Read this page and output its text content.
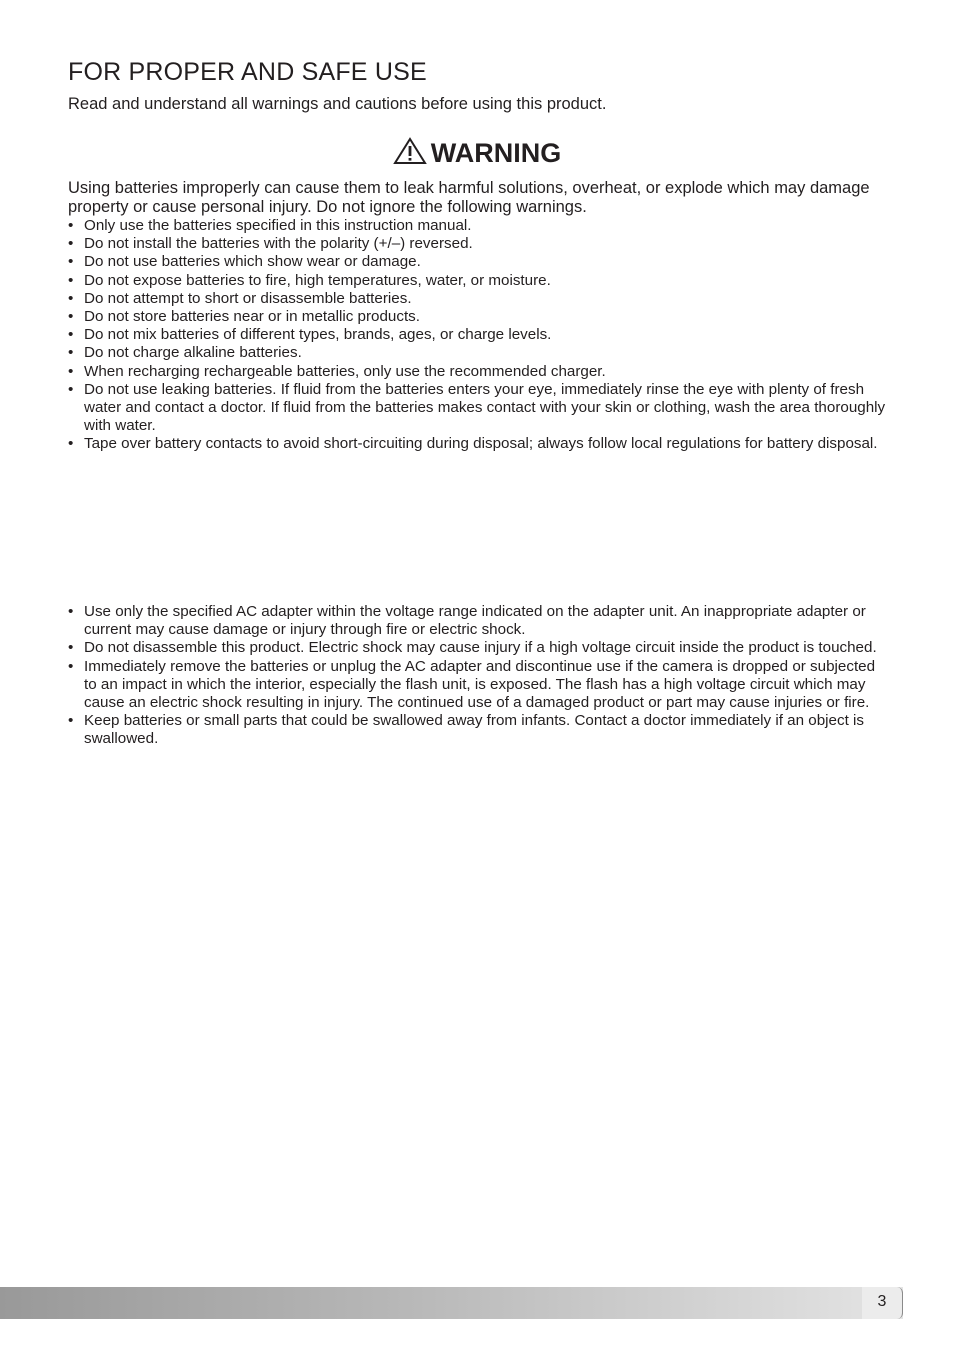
FOR PROPER AND SAFE USE

Read and understand all warnings and cautions before using this product.

WARNING

Using batteries improperly can cause them to leak harmful solutions, overheat, or explode which may damage property or cause personal injury. Do not ignore the following warnings.

• Only use the batteries specified in this instruction manual.
• Do not install the batteries with the polarity (+/–) reversed.
• Do not use batteries which show wear or damage.
• Do not expose batteries to fire, high temperatures, water, or moisture.
• Do not attempt to short or disassemble batteries.
• Do not store batteries near or in metallic products.
• Do not mix batteries of different types, brands, ages, or charge levels.
• Do not charge alkaline batteries.
• When recharging rechargeable batteries, only use the recommended charger.
• Do not use leaking batteries. If fluid from the batteries enters your eye, immediately rinse the eye with plenty of fresh water and contact a doctor. If fluid from the batteries makes contact with your skin or clothing, wash the area thoroughly with water.
• Tape over battery contacts to avoid short-circuiting during disposal; always follow local regulations for battery disposal.
• Use only the specified AC adapter within the voltage range indicated on the adapter unit. An inappropriate adapter or current may cause damage or injury through fire or electric shock.
• Do not disassemble this product. Electric shock may cause injury if a high voltage circuit inside the product is touched.
• Immediately remove the batteries or unplug the AC adapter and discontinue use if the camera is dropped or subjected to an impact in which the interior, especially the flash unit, is exposed. The flash has a high voltage circuit which may cause an electric shock resulting in injury. The continued use of a damaged product or part may cause injuries or fire.
• Keep batteries or small parts that could be swallowed away from infants. Contact a doctor immediately if an object is swallowed.
3
